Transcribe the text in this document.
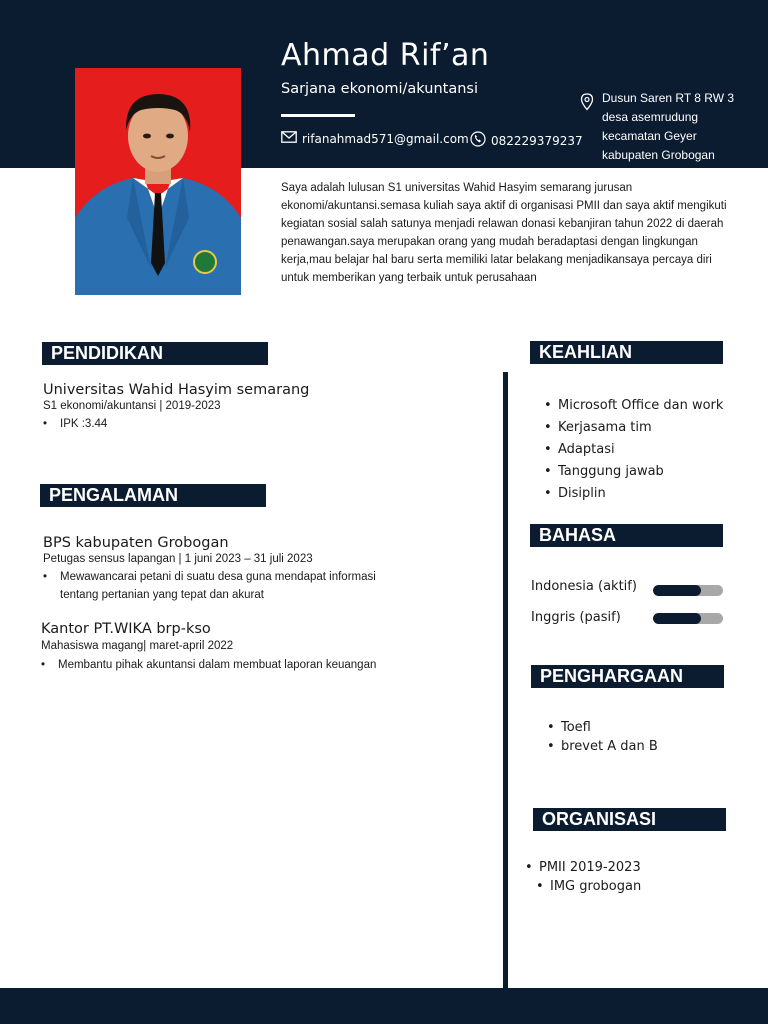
Ahmad Rif’an
Sarjana ekonomi/akuntansi
rifanahmad571@gmail.com 082229379237
Dusun Saren RT 8 RW 3
desa asemrudung
kecamatan Geyer
kabupaten Grobogan
Saya adalah lulusan S1 universitas Wahid Hasyim semarang jurusan ekonomi/akuntansi.semasa kuliah saya aktif di organisasi PMII dan saya aktif mengikuti kegiatan sosial salah satunya menjadi relawan donasi kebanjiran tahun 2022 di daerah penawangan.saya merupakan orang yang mudah beradaptasi dengan lingkungan kerja,mau belajar hal baru serta memiliki latar belakang menjadikansaya percaya diri untuk memberikan yang terbaik untuk perusahaan
PENDIDIKAN
Universitas Wahid Hasyim semarang
S1 ekonomi/akuntansi | 2019-2023
• IPK :3.44
PENGALAMAN
BPS kabupaten Grobogan
Petugas sensus lapangan | 1 juni 2023 – 31 juli 2023
•	Mewawancarai petani di suatu desa guna mendapat informasi tentang pertanian yang tepat dan akurat
Kantor PT.WIKA brp-kso
Mahasiswa magang| maret-april 2022
•	Membantu pihak akuntansi dalam membuat laporan keuangan
KEAHLIAN
• Microsoft Office dan work
• Kerjasama tim
• Adaptasi
• Tanggung jawab
• Disiplin
BAHASA
Indonesia (aktif)
Inggris (pasif)
PENGHARGAAN
• Toefl
• brevet A dan B
ORGANISASI
• PMII 2019-2023
• IMG grobogan
